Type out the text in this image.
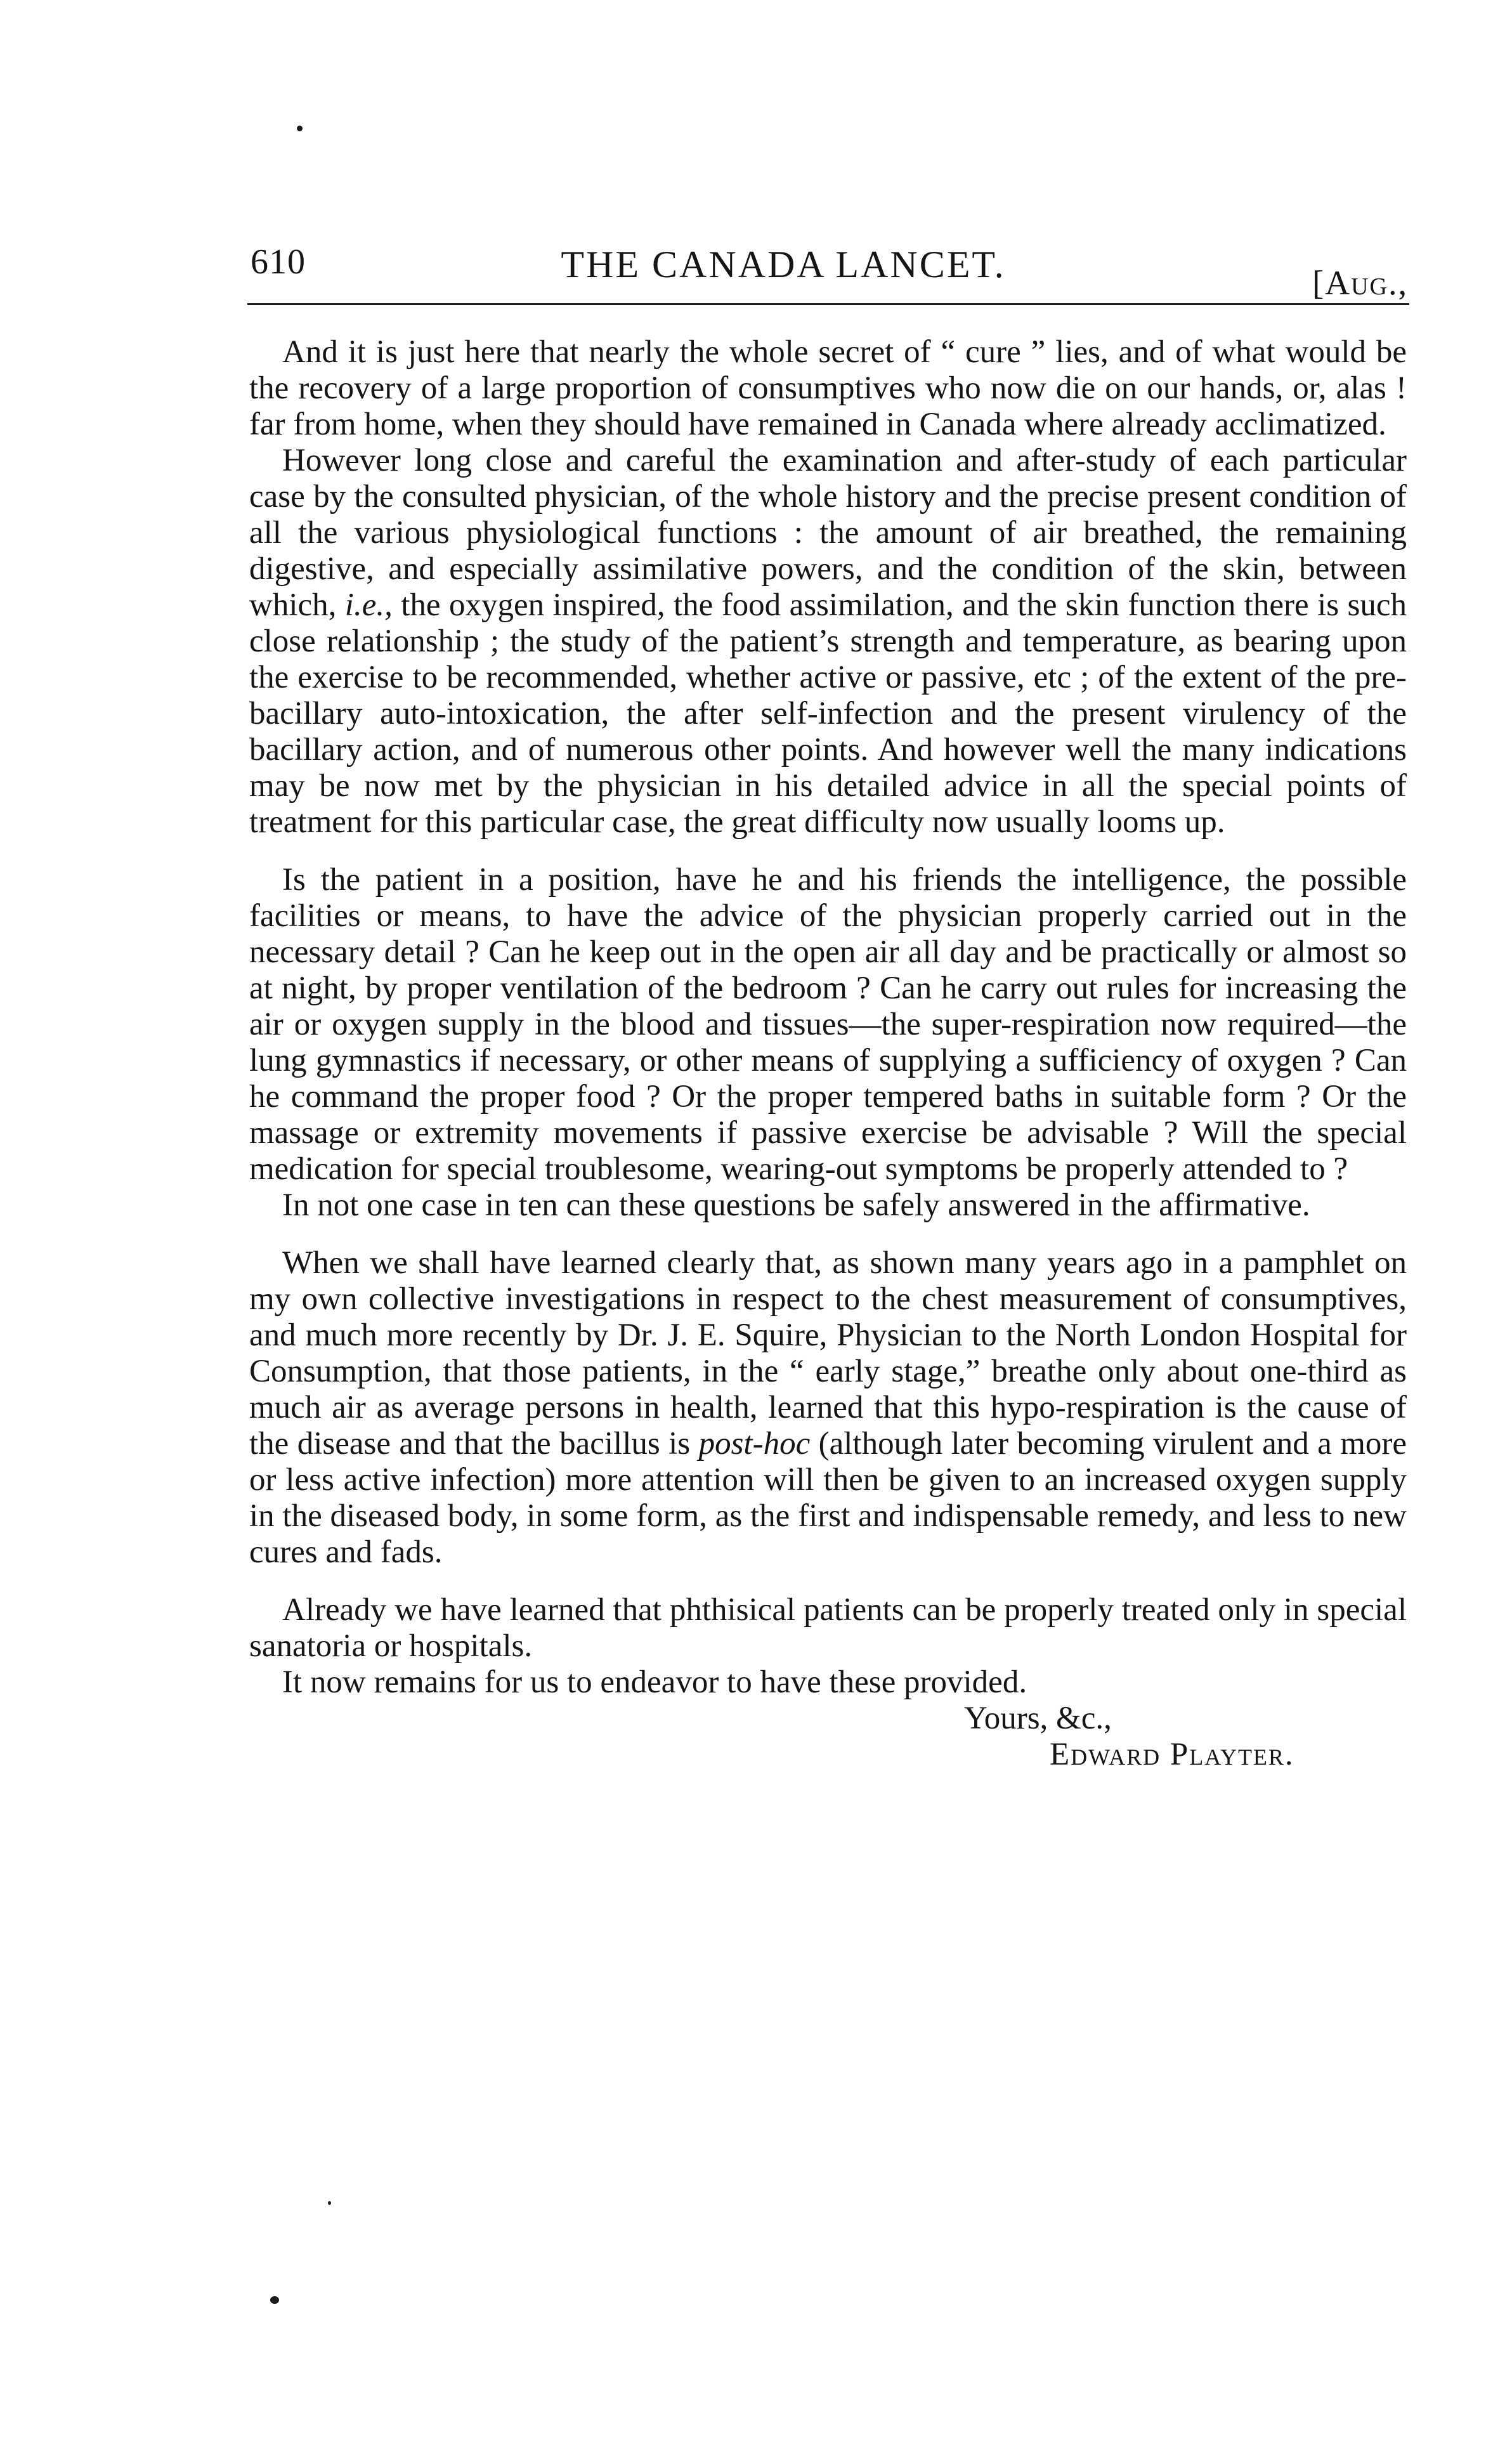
610	THE CANADA LANCET.	[Aug.,

And it is just here that nearly the whole secret of “ cure ” lies, and of what would be the recovery of a large proportion of consumptives who now die on our hands, or, alas ! far from home, when they should have remained in Canada where already acclimatized.

However long close and careful the examination and after-study of each particular case by the consulted physician, of the whole history and the precise present condition of all the various physiological functions : the amount of air breathed, the remaining digestive, and especially assimilative powers, and the condition of the skin, between which, i.e., the oxygen inspired, the food assimilation, and the skin function there is such close relationship ; the study of the patient’s strength and temperature, as bearing upon the exercise to be recommended, whether active or passive, etc ; of the extent of the pre-bacillary auto-intoxication, the after self-infection and the present virulency of the bacillary action, and of numerous other points. And however well the many indications may be now met by the physician in his detailed advice in all the special points of treatment for this particular case, the great difficulty now usually looms up.

Is the patient in a position, have he and his friends the intelligence, the possible facilities or means, to have the advice of the physician properly carried out in the necessary detail ? Can he keep out in the open air all day and be practically or almost so at night, by proper ventilation of the bedroom ? Can he carry out rules for increasing the air or oxygen supply in the blood and tissues—the super-respiration now required—the lung gymnastics if necessary, or other means of supplying a sufficiency of oxygen ? Can he command the proper food ? Or the proper tempered baths in suitable form ? Or the massage or extremity movements if passive exercise be advisable ? Will the special medication for special troublesome, wearing-out symptoms be properly attended to ?

In not one case in ten can these questions be safely answered in the affirmative.

When we shall have learned clearly that, as shown many years ago in a pamphlet on my own collective investigations in respect to the chest measurement of consumptives, and much more recently by Dr. J. E. Squire, Physician to the North London Hospital for Consumption, that those patients, in the “ early stage,” breathe only about one-third as much air as average persons in health, learned that this hypo-respiration is the cause of the disease and that the bacillus is post-hoc (although later becoming virulent and a more or less active infection) more attention will then be given to an increased oxygen supply in the diseased body, in some form, as the first and indispensable remedy, and less to new cures and fads.

Already we have learned that phthisical patients can be properly treated only in special sanatoria or hospitals.

It now remains for us to endeavor to have these provided.

Yours, &c.,

Edward Playter.
